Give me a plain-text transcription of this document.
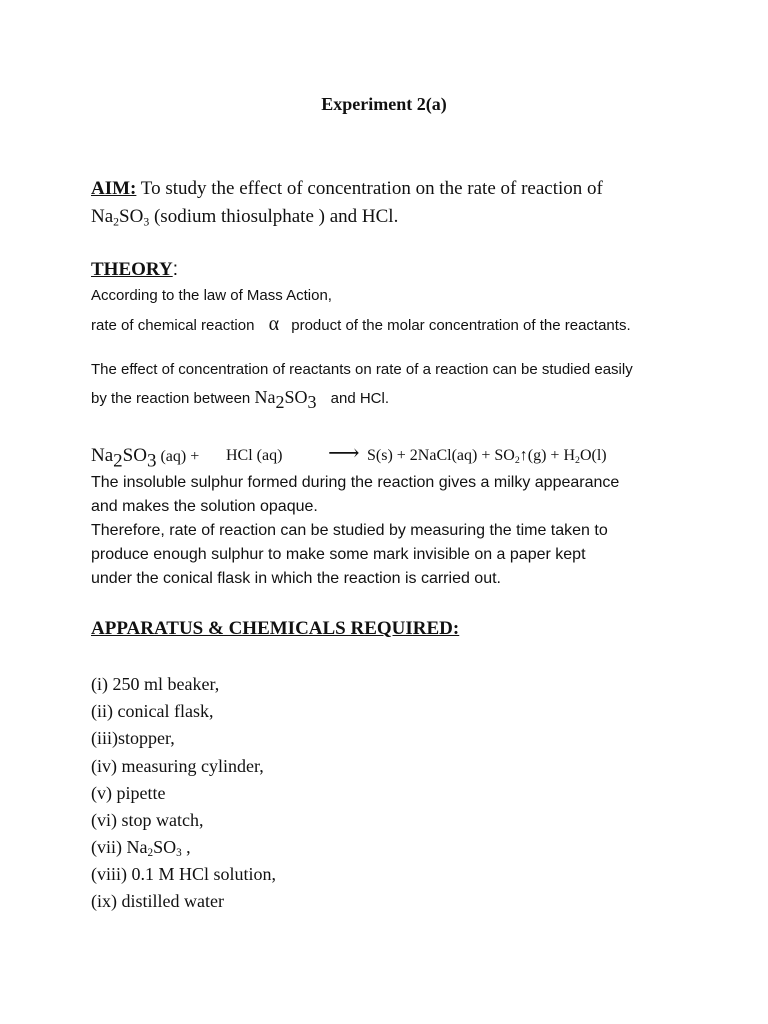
Experiment 2(a)
AIM: To study the effect of concentration on the rate of reaction of
$Na_2SO_3$ (sodium thiosulphate ) and HCl.
THEORY:
According to the law of Mass Action,
rate of chemical reaction α product of the molar concentration of the reactants.
The effect of concentration of reactants on rate of a reaction can be studied easily
by the reaction between $Na_2SO_3$ and HCl.
$Na_2SO_3$ (aq) + HCl (aq) ⟶ S(s) + 2NaCl(aq) + $SO_2↑(g) + H_2O(l)$
The insoluble sulphur formed during the reaction gives a milky appearance
and makes the solution opaque.
Therefore, rate of reaction can be studied by measuring the time taken to
produce enough sulphur to make some mark invisible on a paper kept
under the conical flask in which the reaction is carried out.
APPARATUS & CHEMICALS REQUIRED:
(i) 250 ml beaker,
(ii) conical flask,
(iii)stopper,
(iv) measuring cylinder,
(v) pipette
(vi) stop watch,
(vii) $Na_2SO_3$ ,
(viii) 0.1 M HCl solution,
(ix) distilled water
